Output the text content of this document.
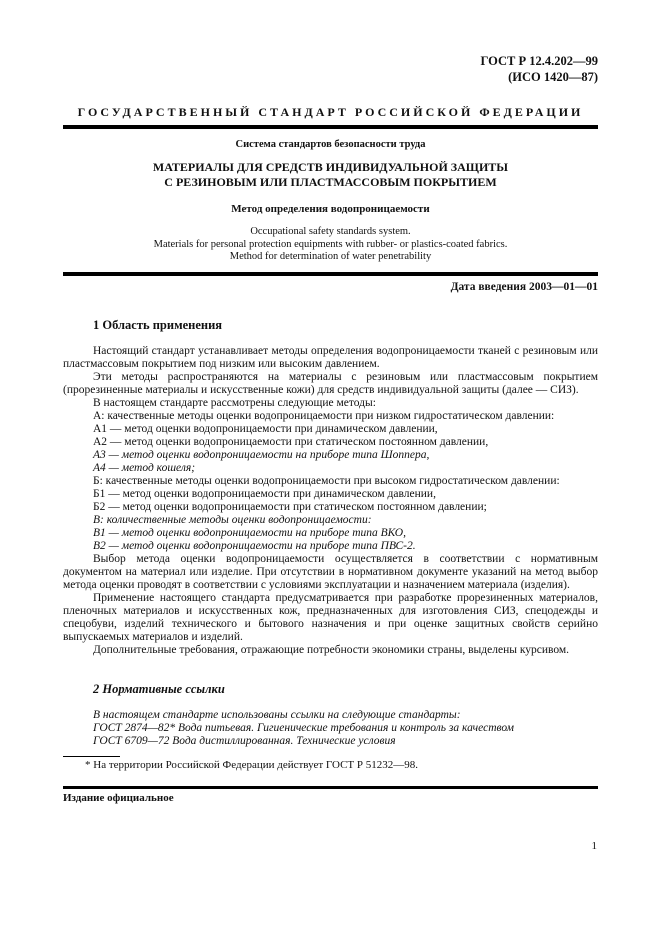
ГОСТ Р 12.4.202—99
(ИСО 1420—87)
ГОСУДАРСТВЕННЫЙ СТАНДАРТ РОССИЙСКОЙ ФЕДЕРАЦИИ
Система стандартов безопасности труда
МАТЕРИАЛЫ ДЛЯ СРЕДСТВ ИНДИВИДУАЛЬНОЙ ЗАЩИТЫ
С РЕЗИНОВЫМ ИЛИ ПЛАСТМАССОВЫМ ПОКРЫТИЕМ
Метод определения водопроницаемости
Occupational safety standards system.
Materials for personal protection equipments with rubber- or plastics-coated fabrics.
Method for determination of water penetrability
Дата введения 2003—01—01
1 Область применения

Настоящий стандарт устанавливает методы определения водопроницаемости тканей с резиновым или пластмассовым покрытием под низким или высоким давлением.

Эти методы распространяются на материалы с резиновым или пластмассовым покрытием (прорезиненные материалы и искусственные кожи) для средств индивидуальной защиты (далее — СИЗ).

В настоящем стандарте рассмотрены следующие методы:

А: качественные методы оценки водопроницаемости при низком гидростатическом давлении:

А1 — метод оценки водопроницаемости при динамическом давлении,

А2 — метод оценки водопроницаемости при статическом постоянном давлении,

А3 — метод оценки водопроницаемости на приборе типа Шоппера,

А4 — метод кошеля;

Б: качественные методы оценки водопроницаемости при высоком гидростатическом давлении:

Б1 — метод оценки водопроницаемости при динамическом давлении,

Б2 — метод оценки водопроницаемости при статическом постоянном давлении;

В: количественные методы оценки водопроницаемости:

В1 — метод оценки водопроницаемости на приборе типа ВКО,

В2 — метод оценки водопроницаемости на приборе типа ПВС-2.

Выбор метода оценки водопроницаемости осуществляется в соответствии с нормативным документом на материал или изделие. При отсутствии в нормативном документе указаний на метод выбор метода оценки проводят в соответствии с условиями эксплуатации и назначением материала (изделия).

Применение настоящего стандарта предусматривается при разработке прорезиненных материалов, пленочных материалов и искусственных кож, предназначенных для изготовления СИЗ, спецодежды и спецобуви, изделий технического и бытового назначения и при оценке защитных свойств серийно выпускаемых материалов и изделий.

Дополнительные требования, отражающие потребности экономики страны, выделены курсивом.

2 Нормативные ссылки

В настоящем стандарте использованы ссылки на следующие стандарты:

ГОСТ 2874—82* Вода питьевая. Гигиенические требования и контроль за качеством

ГОСТ 6709—72 Вода дистиллированная. Технические условия

* На территории Российской Федерации действует ГОСТ Р 51232—98.

Издание официальное
1
